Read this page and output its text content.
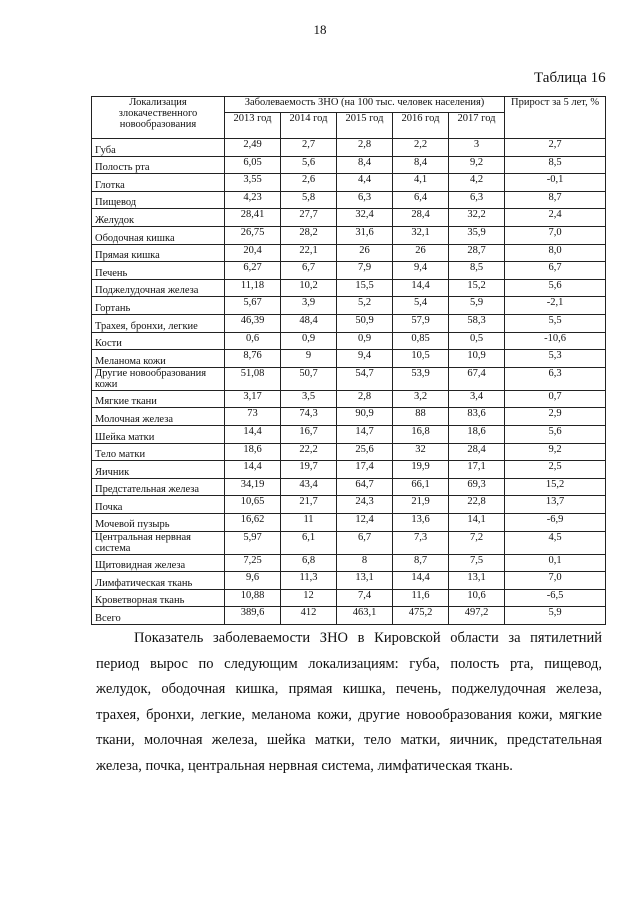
18
Таблица 16
Локализация злокачественного новообразования	Заболеваемость ЗНО (на 100 тыс. человек населения)					Прирост за 5 лет, %
	2013 год	2014 год	2015 год	2016 год	2017 год	
Губа	2,49	2,7	2,8	2,2	3	2,7
Полость рта	6,05	5,6	8,4	8,4	9,2	8,5
Глотка	3,55	2,6	4,4	4,1	4,2	-0,1
Пищевод	4,23	5,8	6,3	6,4	6,3	8,7
Желудок	28,41	27,7	32,4	28,4	32,2	2,4
Ободочная кишка	26,75	28,2	31,6	32,1	35,9	7,0
Прямая кишка	20,4	22,1	26	26	28,7	8,0
Печень	6,27	6,7	7,9	9,4	8,5	6,7
Поджелудочная железа	11,18	10,2	15,5	14,4	15,2	5,6
Гортань	5,67	3,9	5,2	5,4	5,9	-2,1
Трахея, бронхи, легкие	46,39	48,4	50,9	57,9	58,3	5,5
Кости	0,6	0,9	0,9	0,85	0,5	-10,6
Меланома кожи	8,76	9	9,4	10,5	10,9	5,3
Другие новообразования кожи	51,08	50,7	54,7	53,9	67,4	6,3
Мягкие ткани	3,17	3,5	2,8	3,2	3,4	0,7
Молочная железа	73	74,3	90,9	88	83,6	2,9
Шейка матки	14,4	16,7	14,7	16,8	18,6	5,6
Тело матки	18,6	22,2	25,6	32	28,4	9,2
Яичник	14,4	19,7	17,4	19,9	17,1	2,5
Предстательная железа	34,19	43,4	64,7	66,1	69,3	15,2
Почка	10,65	21,7	24,3	21,9	22,8	13,7
Мочевой пузырь	16,62	11	12,4	13,6	14,1	-6,9
Центральная нервная система	5,97	6,1	6,7	7,3	7,2	4,5
Щитовидная железа	7,25	6,8	8	8,7	7,5	0,1
Лимфатическая ткань	9,6	11,3	13,1	14,4	13,1	7,0
Кроветворная ткань	10,88	12	7,4	11,6	10,6	-6,5
Всего	389,6	412	463,1	475,2	497,2	5,9

Показатель заболеваемости ЗНО в Кировской области за пятилетний период вырос по следующим локализациям: губа, полость рта, пищевод, желудок, ободочная кишка, прямая кишка, печень, поджелудочная железа, трахея, бронхи, легкие, меланома кожи, другие новообразования кожи, мягкие ткани, молочная железа, шейка матки, тело матки, яичник, предстательная железа, почка, центральная нервная система, лимфатическая ткань.
